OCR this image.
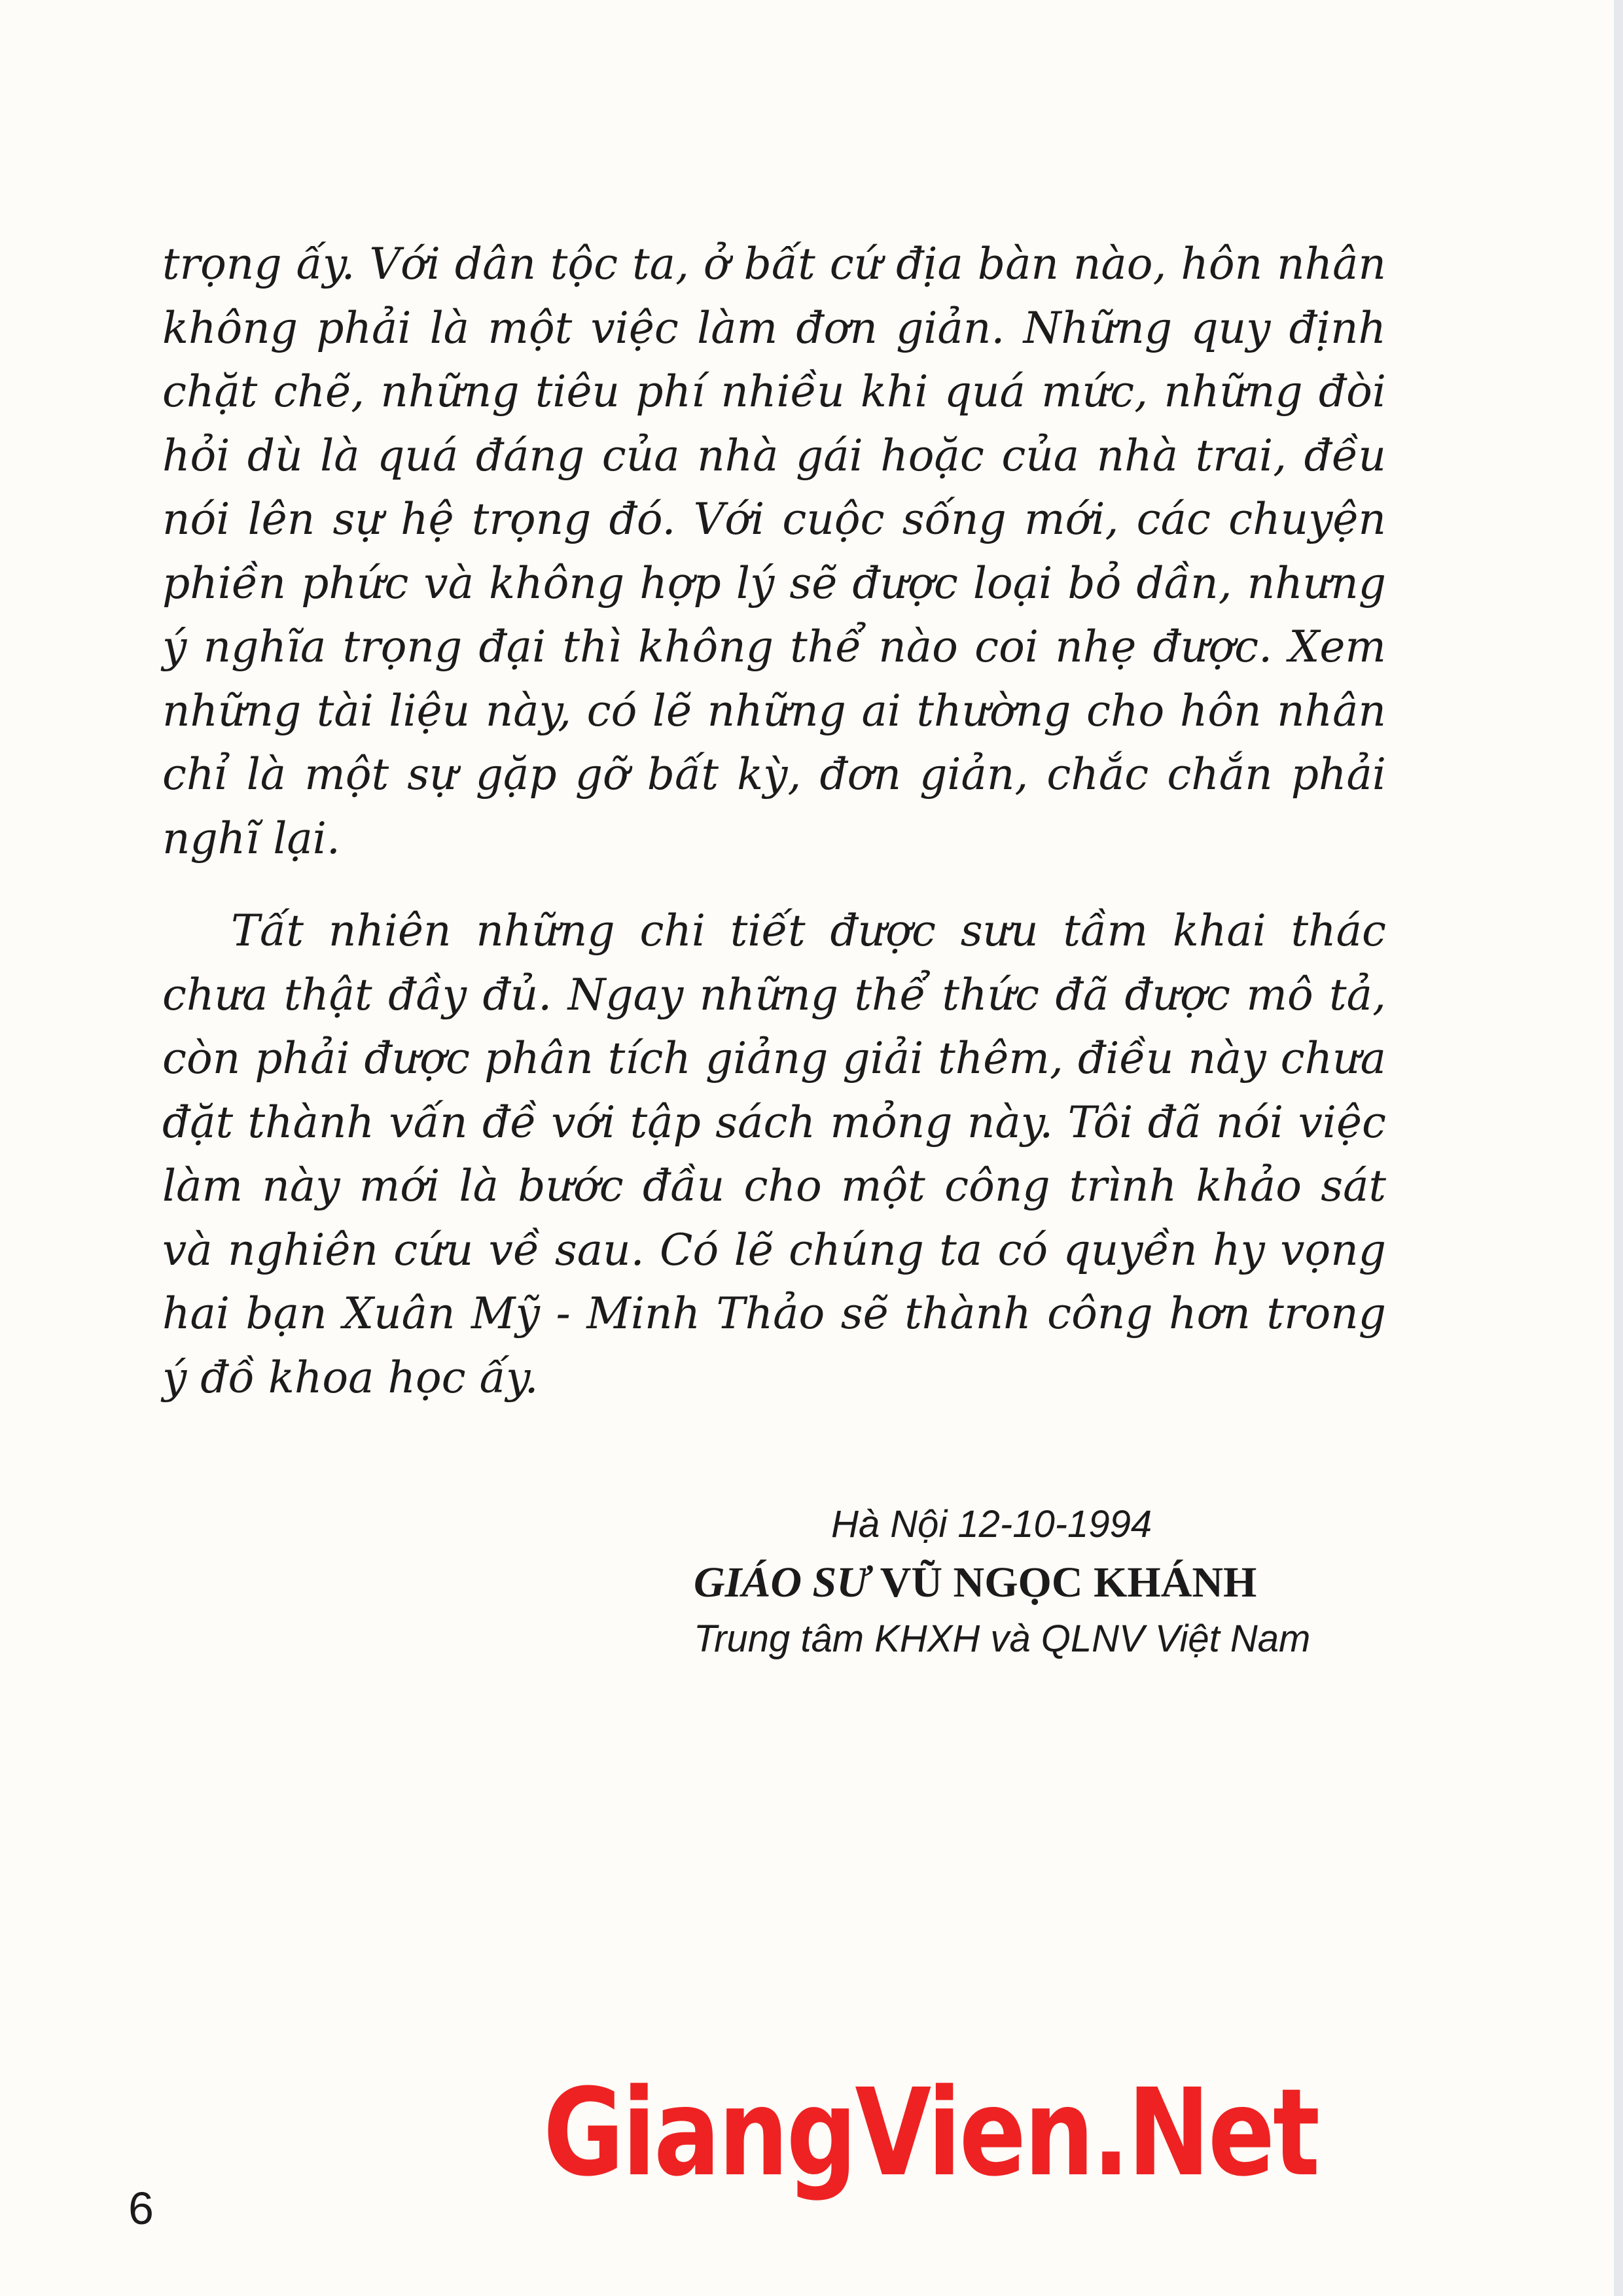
trọng ấy. Với dân tộc ta, ở bất cứ địa bàn nào, hôn nhân không phải là một việc làm đơn giản. Những quy định chặt chẽ, những tiêu phí nhiều khi quá mức, những đòi hỏi dù là quá đáng của nhà gái hoặc của nhà trai, đều nói lên sự hệ trọng đó. Với cuộc sống mới, các chuyện phiền phức và không hợp lý sẽ được loại bỏ dần, nhưng ý nghĩa trọng đại thì không thể nào coi nhẹ được. Xem những tài liệu này, có lẽ những ai thường cho hôn nhân chỉ là một sự gặp gỡ bất kỳ, đơn giản, chắc chắn phải nghĩ lại.

Tất nhiên những chi tiết được sưu tầm khai thác chưa thật đầy đủ. Ngay những thể thức đã được mô tả, còn phải được phân tích giảng giải thêm, điều này chưa đặt thành vấn đề với tập sách mỏng này. Tôi đã nói việc làm này mới là bước đầu cho một công trình khảo sát và nghiên cứu về sau. Có lẽ chúng ta có quyền hy vọng hai bạn Xuân Mỹ - Minh Thảo sẽ thành công hơn trong ý đồ khoa học ấy.

Hà Nội 12-10-1994
GIÁO SƯ VŨ NGỌC KHÁNH
Trung tâm KHXH và QLNV Việt Nam
GiangVien.Net
6
